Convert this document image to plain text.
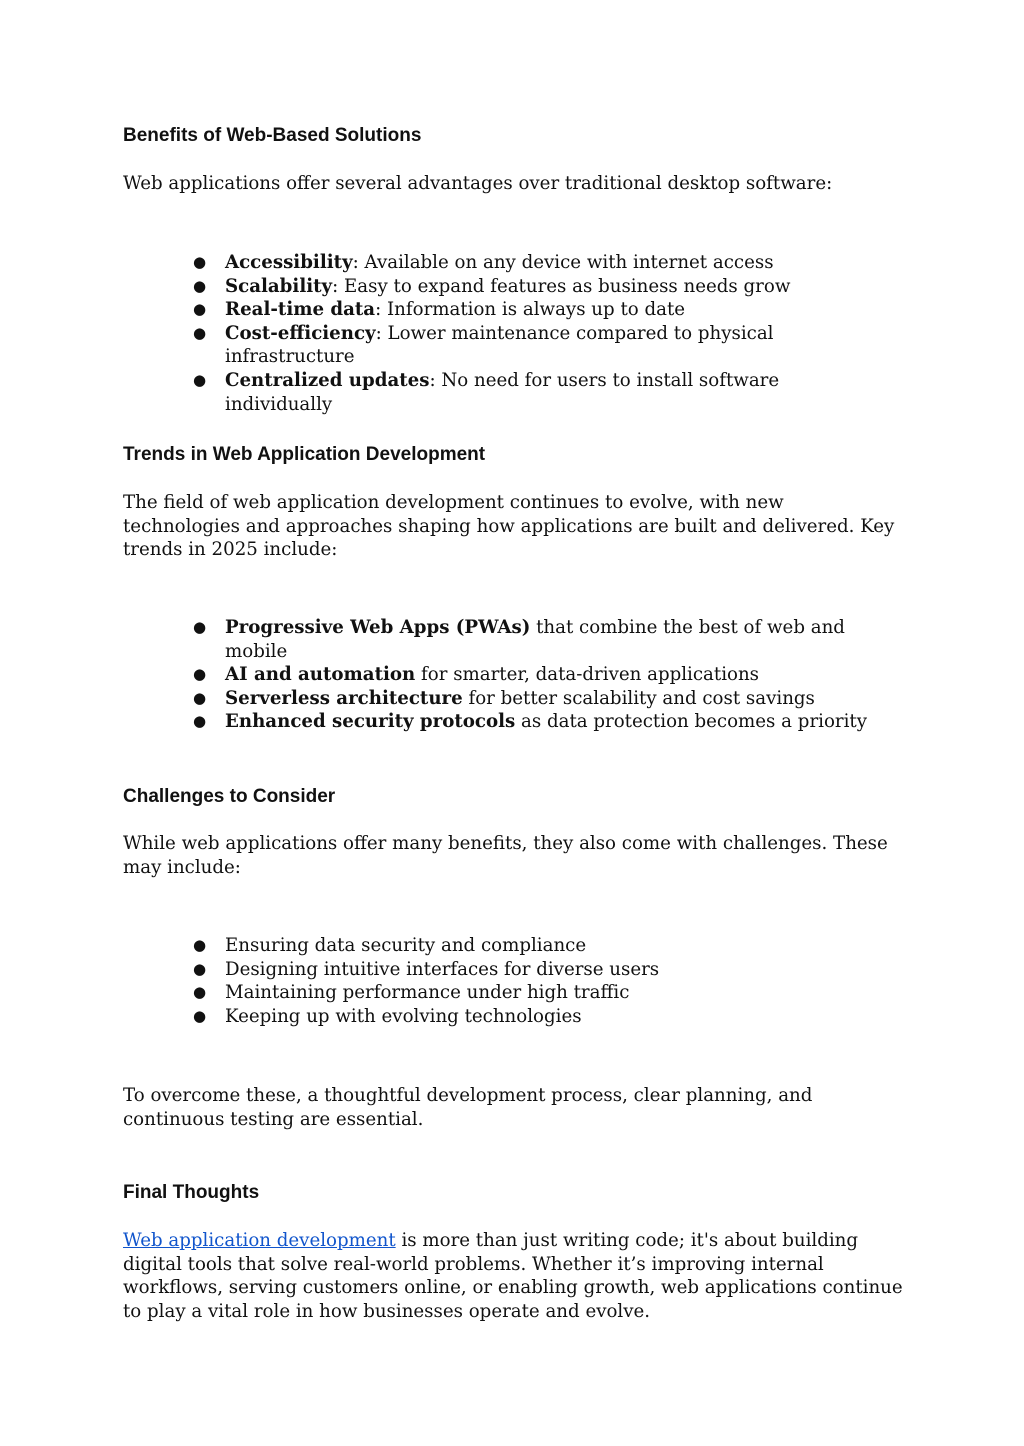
Benefits of Web-Based Solutions
Web applications offer several advantages over traditional desktop software:
● Accessibility: Available on any device with internet access
● Scalability: Easy to expand features as business needs grow
● Real-time data: Information is always up to date
● Cost-efficiency: Lower maintenance compared to physical infrastructure
● Centralized updates: No need for users to install software individually
Trends in Web Application Development
The field of web application development continues to evolve, with new technologies and approaches shaping how applications are built and delivered. Key trends in 2025 include:
● Progressive Web Apps (PWAs) that combine the best of web and mobile
● AI and automation for smarter, data-driven applications
● Serverless architecture for better scalability and cost savings
● Enhanced security protocols as data protection becomes a priority
Challenges to Consider
While web applications offer many benefits, they also come with challenges. These may include:
● Ensuring data security and compliance
● Designing intuitive interfaces for diverse users
● Maintaining performance under high traffic
● Keeping up with evolving technologies
To overcome these, a thoughtful development process, clear planning, and continuous testing are essential.
Final Thoughts
Web application development is more than just writing code; it's about building digital tools that solve real-world problems. Whether it’s improving internal workflows, serving customers online, or enabling growth, web applications continue to play a vital role in how businesses operate and evolve.
